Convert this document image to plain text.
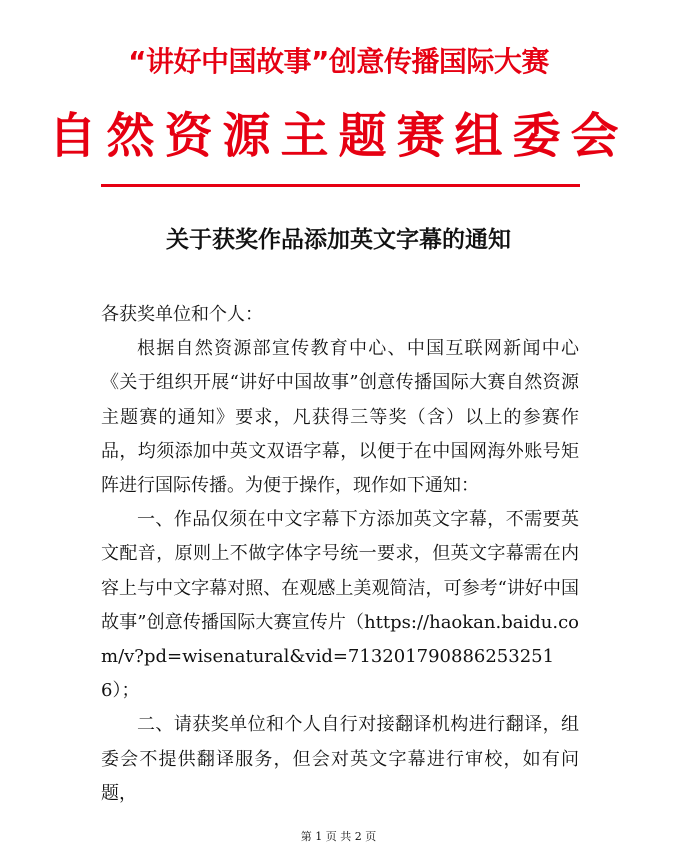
“讲好中国故事”创意传播国际大赛
自然资源主题赛组委会
关于获奖作品添加英文字幕的通知

各获奖单位和个人：

根据自然资源部宣传教育中心、中国互联网新闻中心《关于组织开展“讲好中国故事”创意传播国际大赛自然资源主题赛的通知》要求，凡获得三等奖（含）以上的参赛作品，均须添加中英文双语字幕，以便于在中国网海外账号矩阵进行国际传播。为便于操作，现作如下通知：

一、作品仅须在中文字幕下方添加英文字幕，不需要英文配音，原则上不做字体字号统一要求，但英文字幕需在内容上与中文字幕对照、在观感上美观简洁，可参考“讲好中国故事”创意传播国际大赛宣传片（https://haokan.baidu.com/v?pd=wisenatural&vid=7132017908862532516）；

二、请获奖单位和个人自行对接翻译机构进行翻译，组委会不提供翻译服务，但会对英文字幕进行审校，如有问题，

第 1 页 共 2 页
